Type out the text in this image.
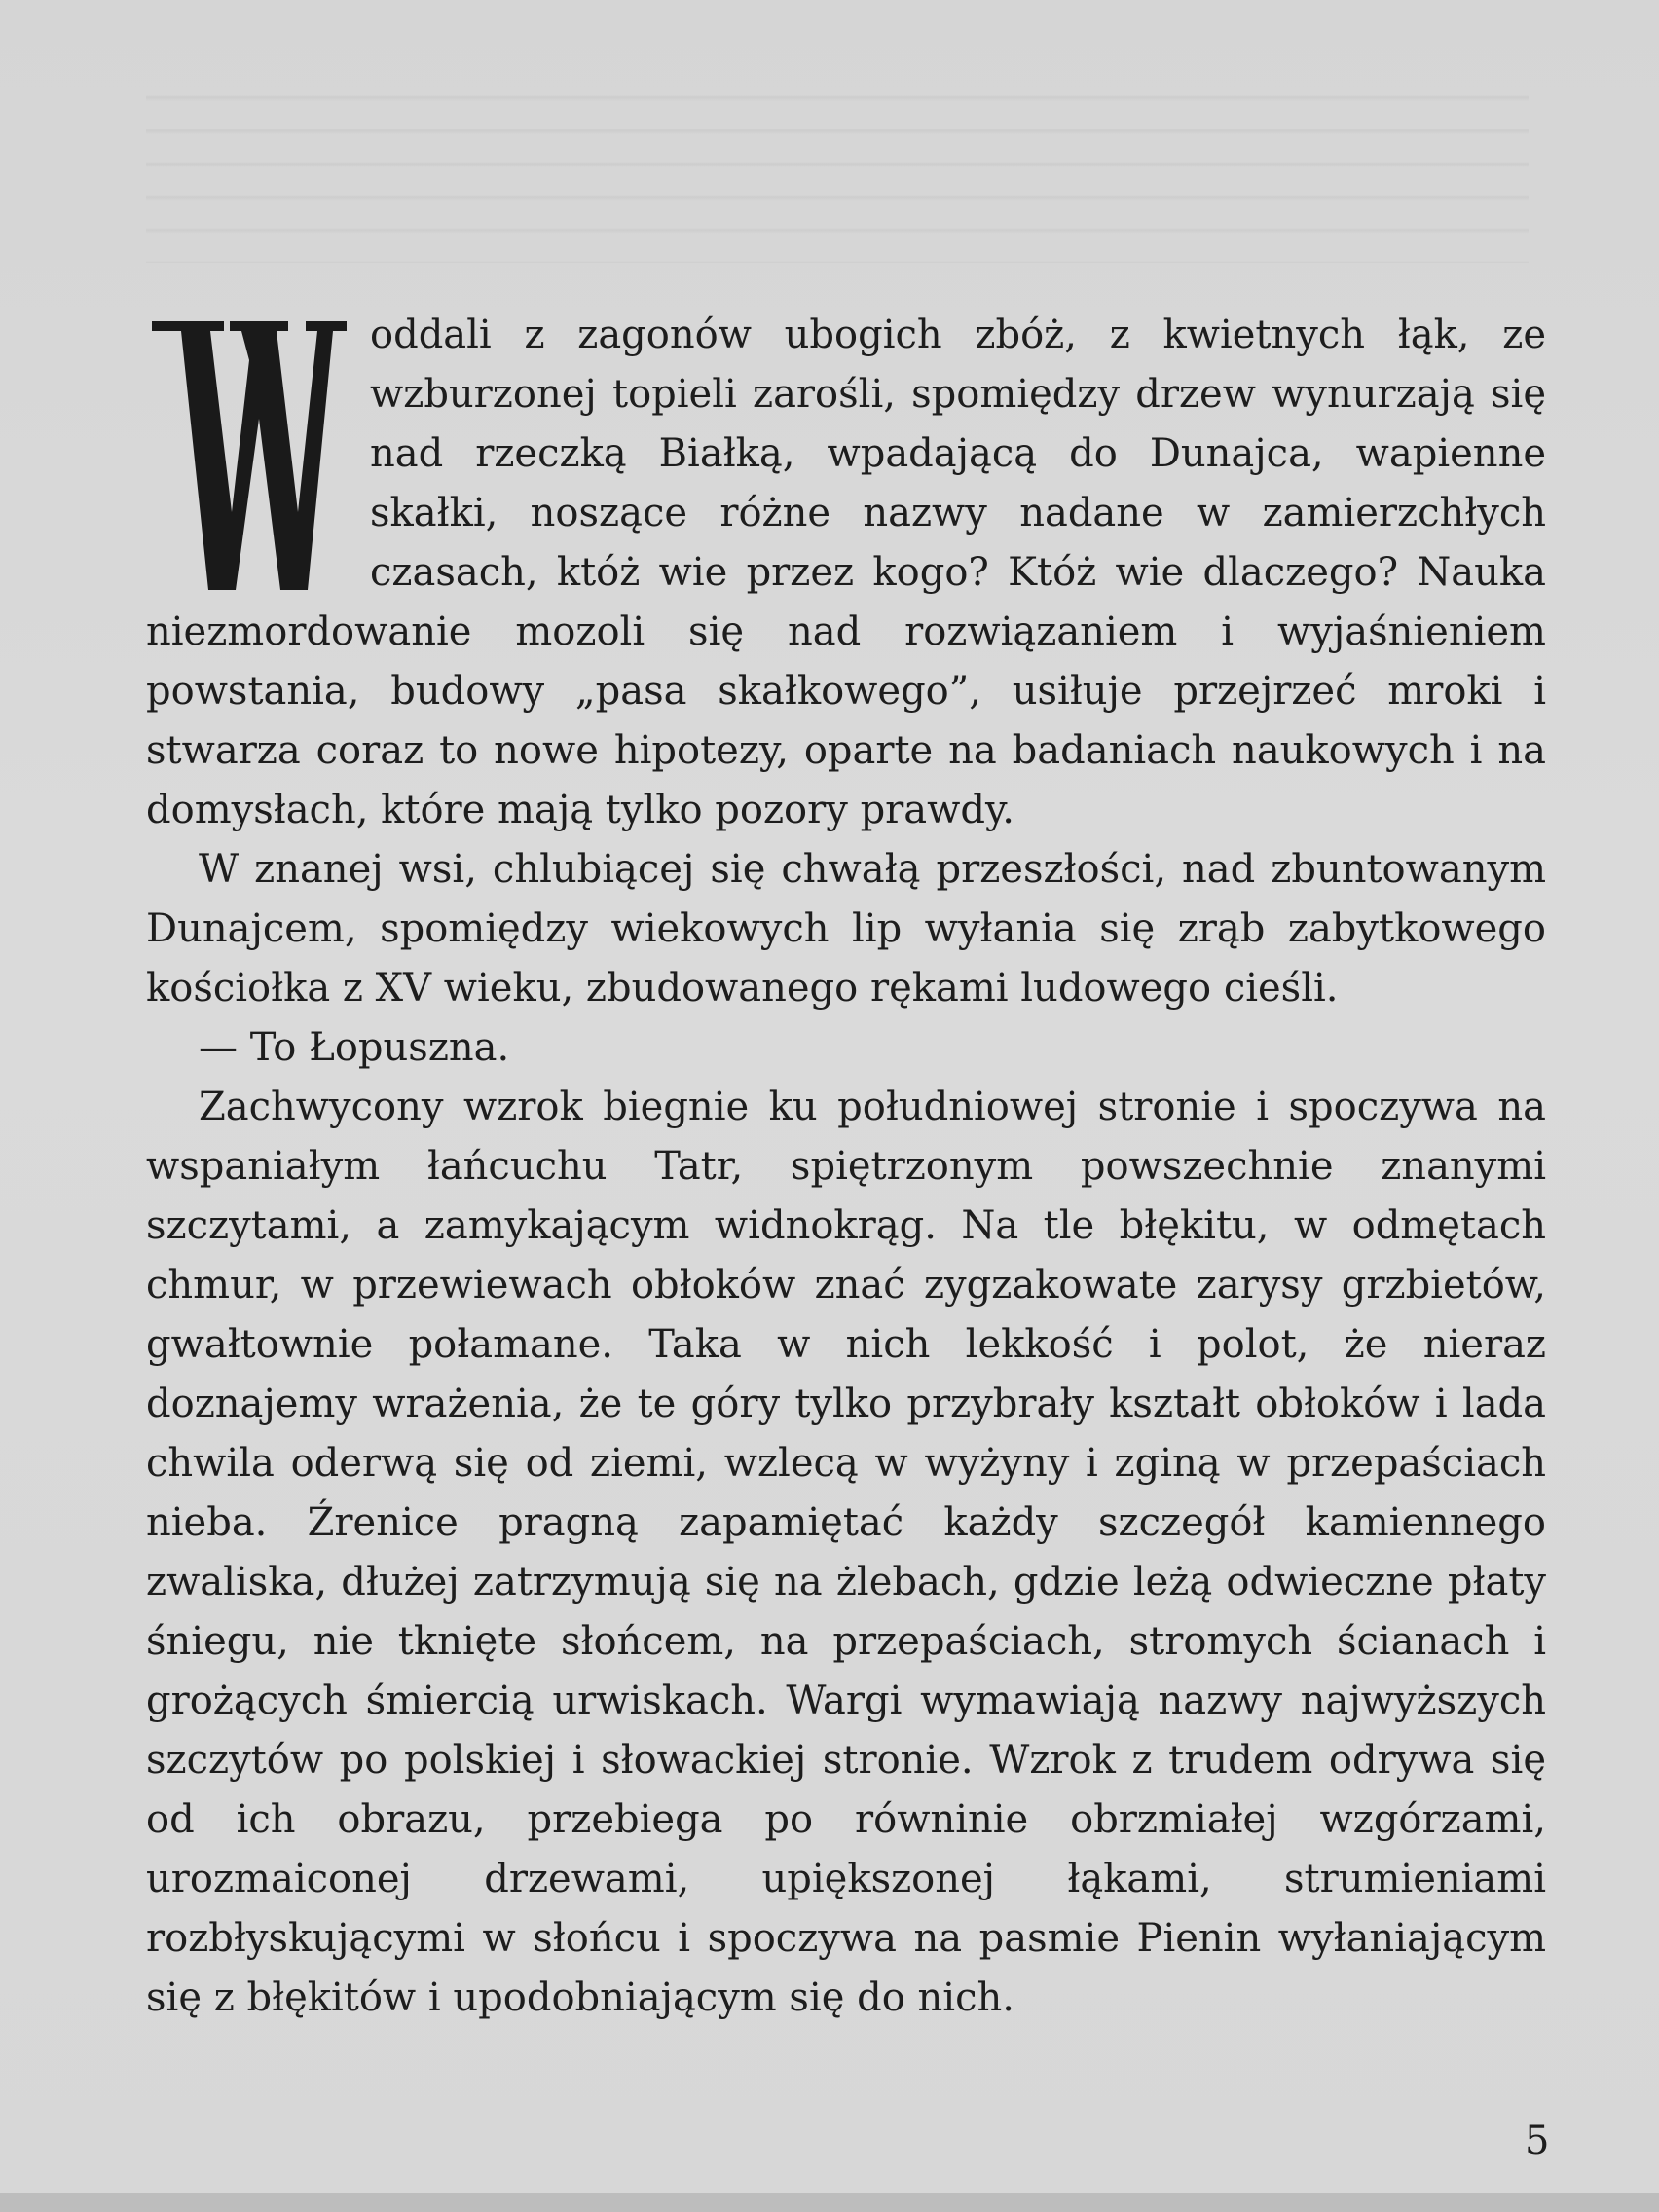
oddali z zagonów ubogich zbóż, z kwietnych łąk, ze wzburzonej topieli zarośli, spomiędzy drzew wynurzają się nad rzeczką Białką, wpadającą do Dunajca, wapienne skałki, noszące różne nazwy nadane w zamierzchłych czasach, któż wie przez kogo? Któż wie dlaczego? Nauka niezmordowanie mozoli się nad rozwiązaniem i wyjaśnieniem powstania, budowy „pasa skałkowego”, usiłuje przejrzeć mroki i stwarza coraz to nowe hipotezy, oparte na badaniach naukowych i na domysłach, które mają tylko pozory prawdy.

W znanej wsi, chlubiącej się chwałą przeszłości, nad zbuntowanym Dunajcem, spomiędzy wiekowych lip wyłania się zrąb zabytkowego kościołka z XV wieku, zbudowanego rękami ludowego cieśli.

— To Łopuszna.

Zachwycony wzrok biegnie ku południowej stronie i spoczywa na wspaniałym łańcuchu Tatr, spiętrzonym powszechnie znanymi szczytami, a zamykającym widnokrąg. Na tle błękitu, w odmętach chmur, w przewiewach obłoków znać zygzakowate zarysy grzbietów, gwałtownie połamane. Taka w nich lekkość i polot, że nieraz doznajemy wrażenia, że te góry tylko przybrały kształt obłoków i lada chwila oderwą się od ziemi, wzlecą w wyżyny i zginą w przepaściach nieba. Źrenice pragną zapamiętać każdy szczegół kamiennego zwaliska, dłużej zatrzymują się na żlebach, gdzie leżą odwieczne płaty śniegu, nie tknięte słońcem, na przepaściach, stromych ścianach i grożących śmiercią urwiskach. Wargi wymawiają nazwy najwyższych szczytów po polskiej i słowackiej stronie. Wzrok z trudem odrywa się od ich obrazu, przebiega po równinie obrzmiałej wzgórzami, urozmaiconej drzewami, upiększonej łąkami, strumieniami rozbłyskującymi w słońcu i spoczywa na pasmie Pienin wyłaniającym się z błękitów i upodobniającym się do nich.

5
